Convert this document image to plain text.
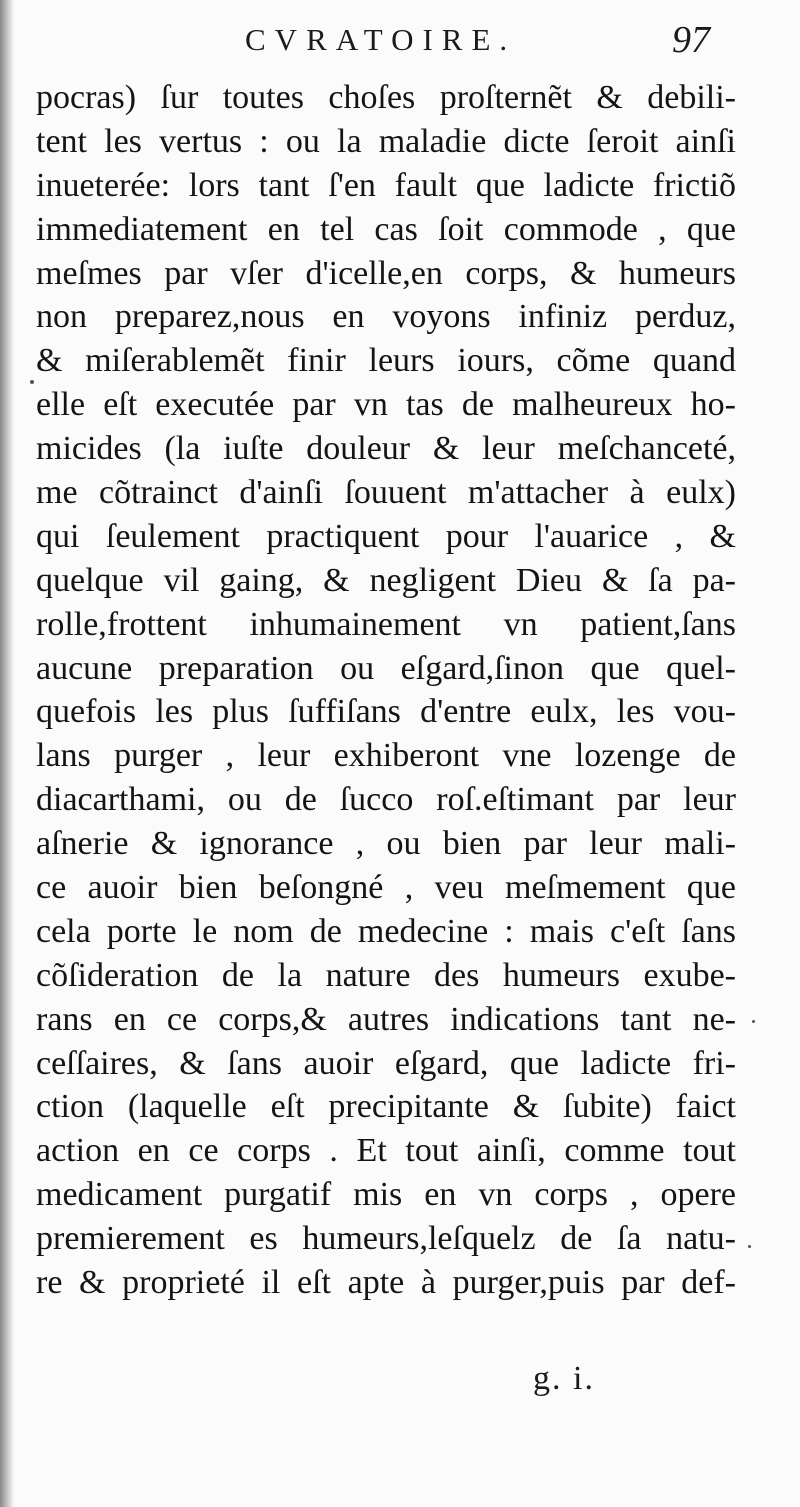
CVRATOIRE.	97
pocras) ſur toutes choſes proſternẽt & debili-
tent les vertus : ou la maladie dicte ſeroit ainſi
inueterée: lors tant ſ'en fault que ladicte frictiõ
immediatement en tel cas ſoit commode , que
meſmes par vſer d'icelle,en corps, & humeurs
non preparez,nous en voyons infiniz perduz,
& miſerablemẽt finir leurs iours, cõme quand
elle eſt executée par vn tas de malheureux ho-
micides (la iuſte douleur & leur meſchanceté,
me cõtrainct d'ainſi ſouuent m'attacher à eulx)
qui ſeulement practiquent pour l'auarice , &
quelque vil gaing, & negligent Dieu & ſa pa-
rolle,frottent inhumainement vn patient,ſans
aucune preparation ou eſgard,ſinon que quel-
quefois les plus ſuffiſans d'entre eulx, les vou-
lans purger , leur exhiberont vne lozenge de
diacarthami, ou de ſucco roſ.eſtimant par leur
aſnerie & ignorance , ou bien par leur mali-
ce auoir bien beſongné , veu meſmement que
cela porte le nom de medecine : mais c'eſt ſans
cõſideration de la nature des humeurs exube-
rans en ce corps,& autres indications tant ne-
ceſſaires, & ſans auoir eſgard, que ladicte fri-
ction (laquelle eſt precipitante & ſubite) faict
action en ce corps . Et tout ainſi, comme tout
medicament purgatif mis en vn corps , opere
premierement es humeurs,leſquelz de ſa natu-
re & proprieté il eſt apte à purger,puis par def-
g. i.
